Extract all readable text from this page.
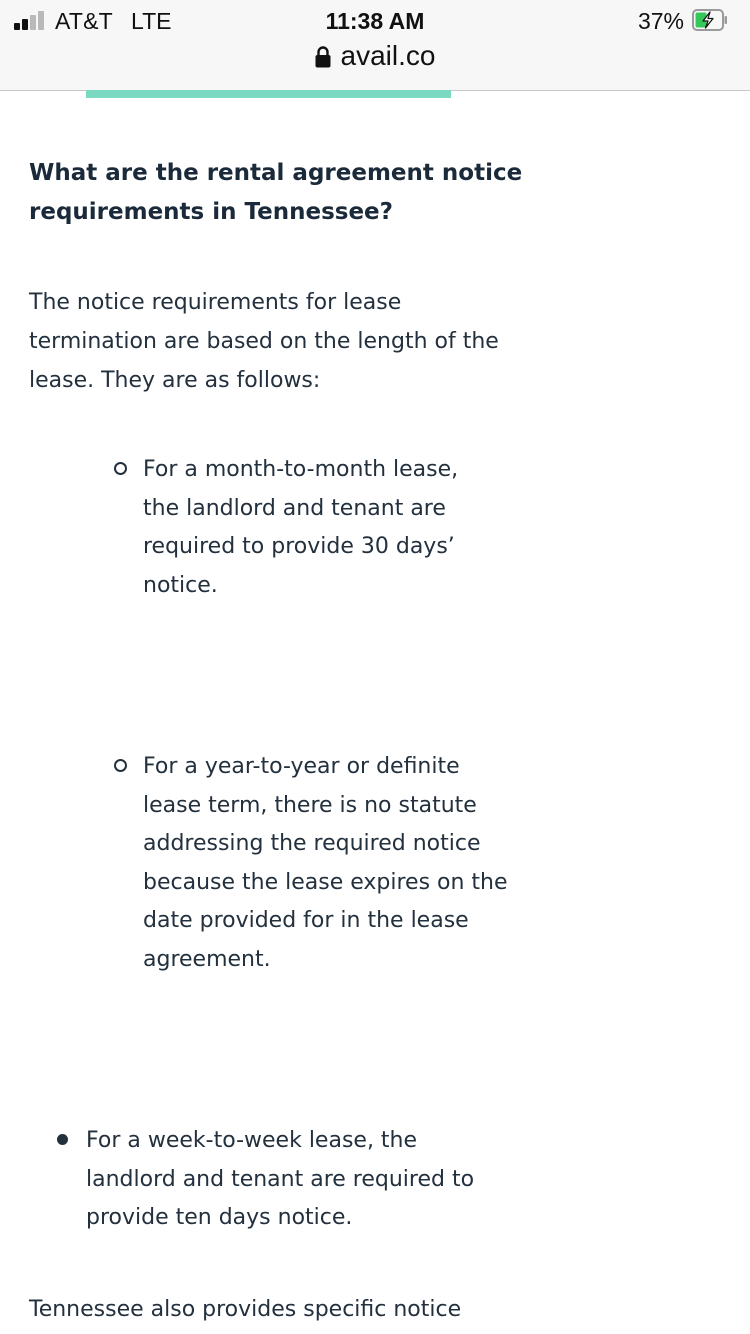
AT&T LTE	11:38 AM	37%
avail.co
What are the rental agreement notice requirements in Tennessee?

The notice requirements for lease termination are based on the length of the lease. They are as follows:

For a month-to-month lease, the landlord and tenant are required to provide 30 days’ notice.

For a year-to-year or definite lease term, there is no statute addressing the required notice because the lease expires on the date provided for in the lease agreement.

For a week-to-week lease, the landlord and tenant are required to provide ten days notice.

Tennessee also provides specific notice
